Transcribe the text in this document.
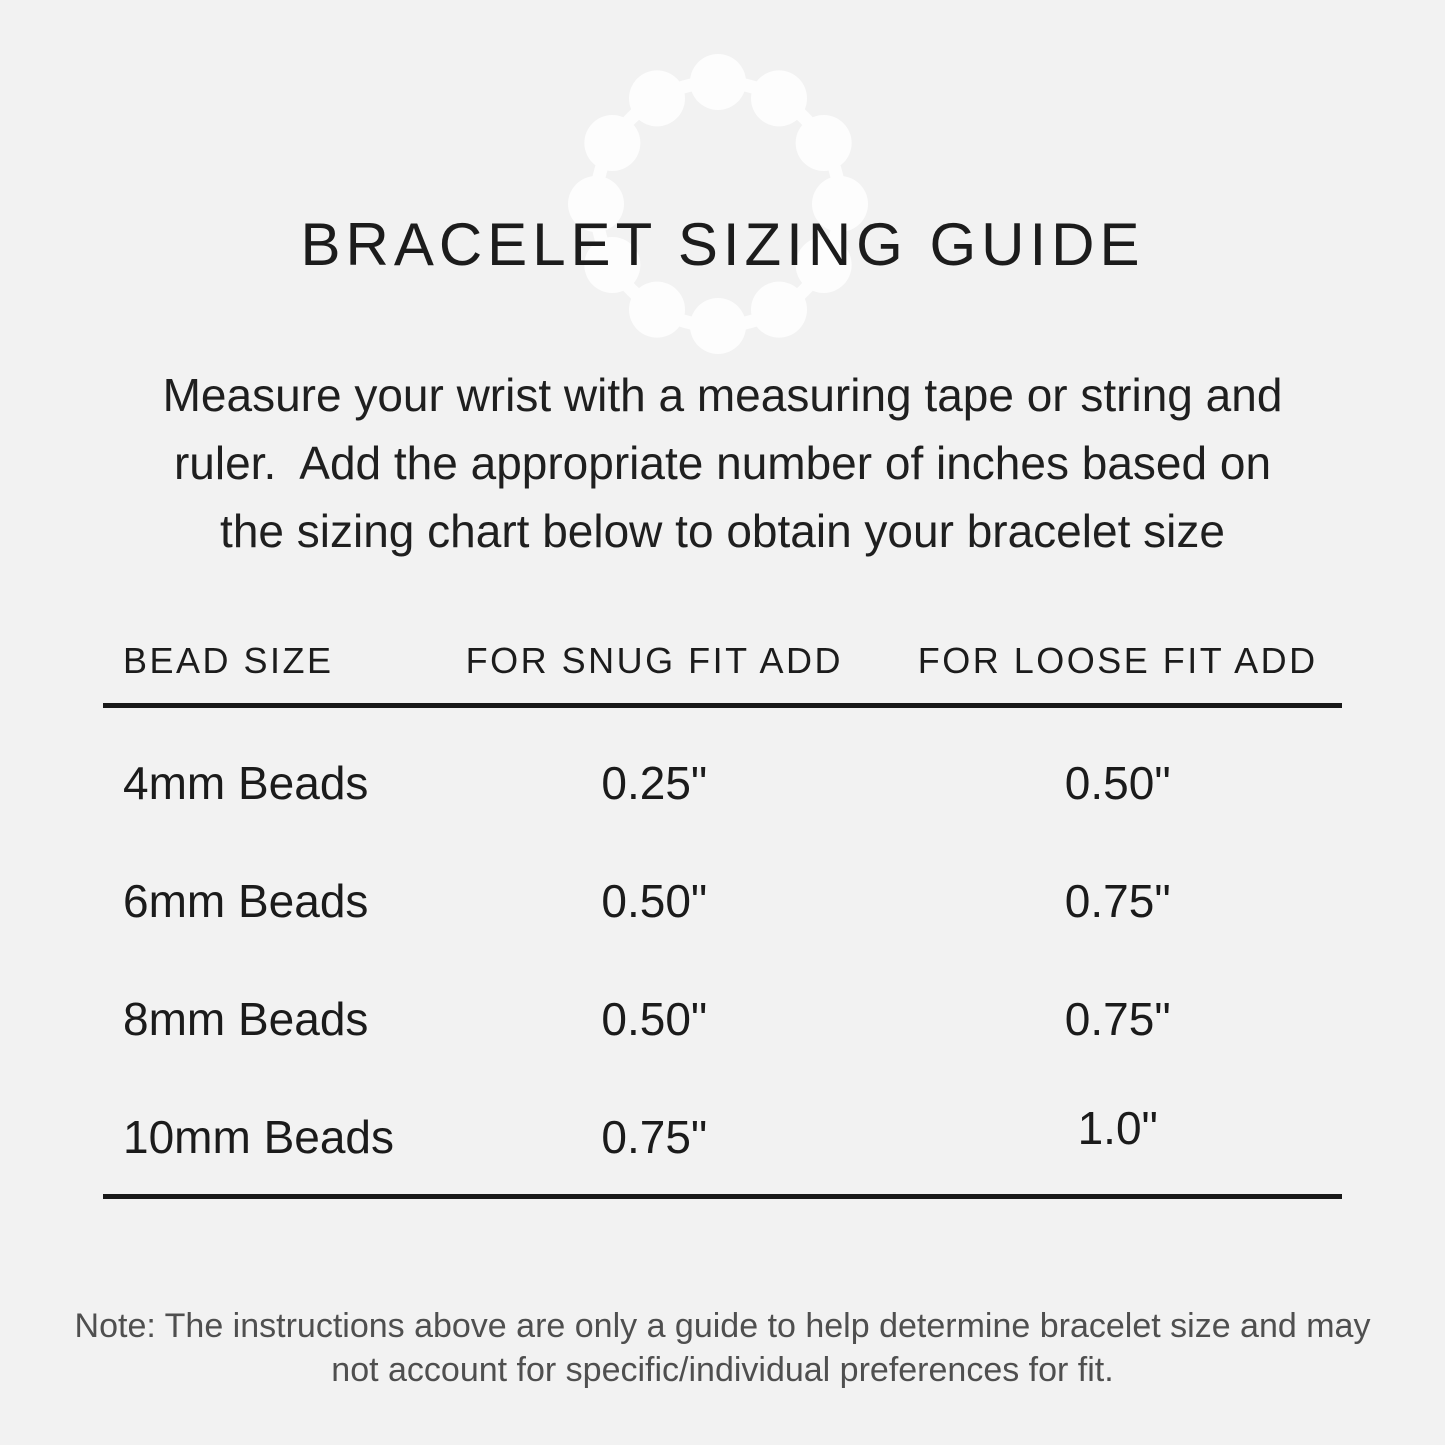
BRACELET SIZING GUIDE
Measure your wrist with a measuring tape or string and
ruler.  Add the appropriate number of inches based on
the sizing chart below to obtain your bracelet size
BEAD SIZE	FOR SNUG FIT ADD	FOR LOOSE FIT ADD
4mm Beads	0.25"	0.50"
6mm Beads	0.50"	0.75"
8mm Beads	0.50"	0.75"
10mm Beads	0.75"	1.0"
Note: The instructions above are only a guide to help determine bracelet size and may
not account for specific/individual preferences for fit.
